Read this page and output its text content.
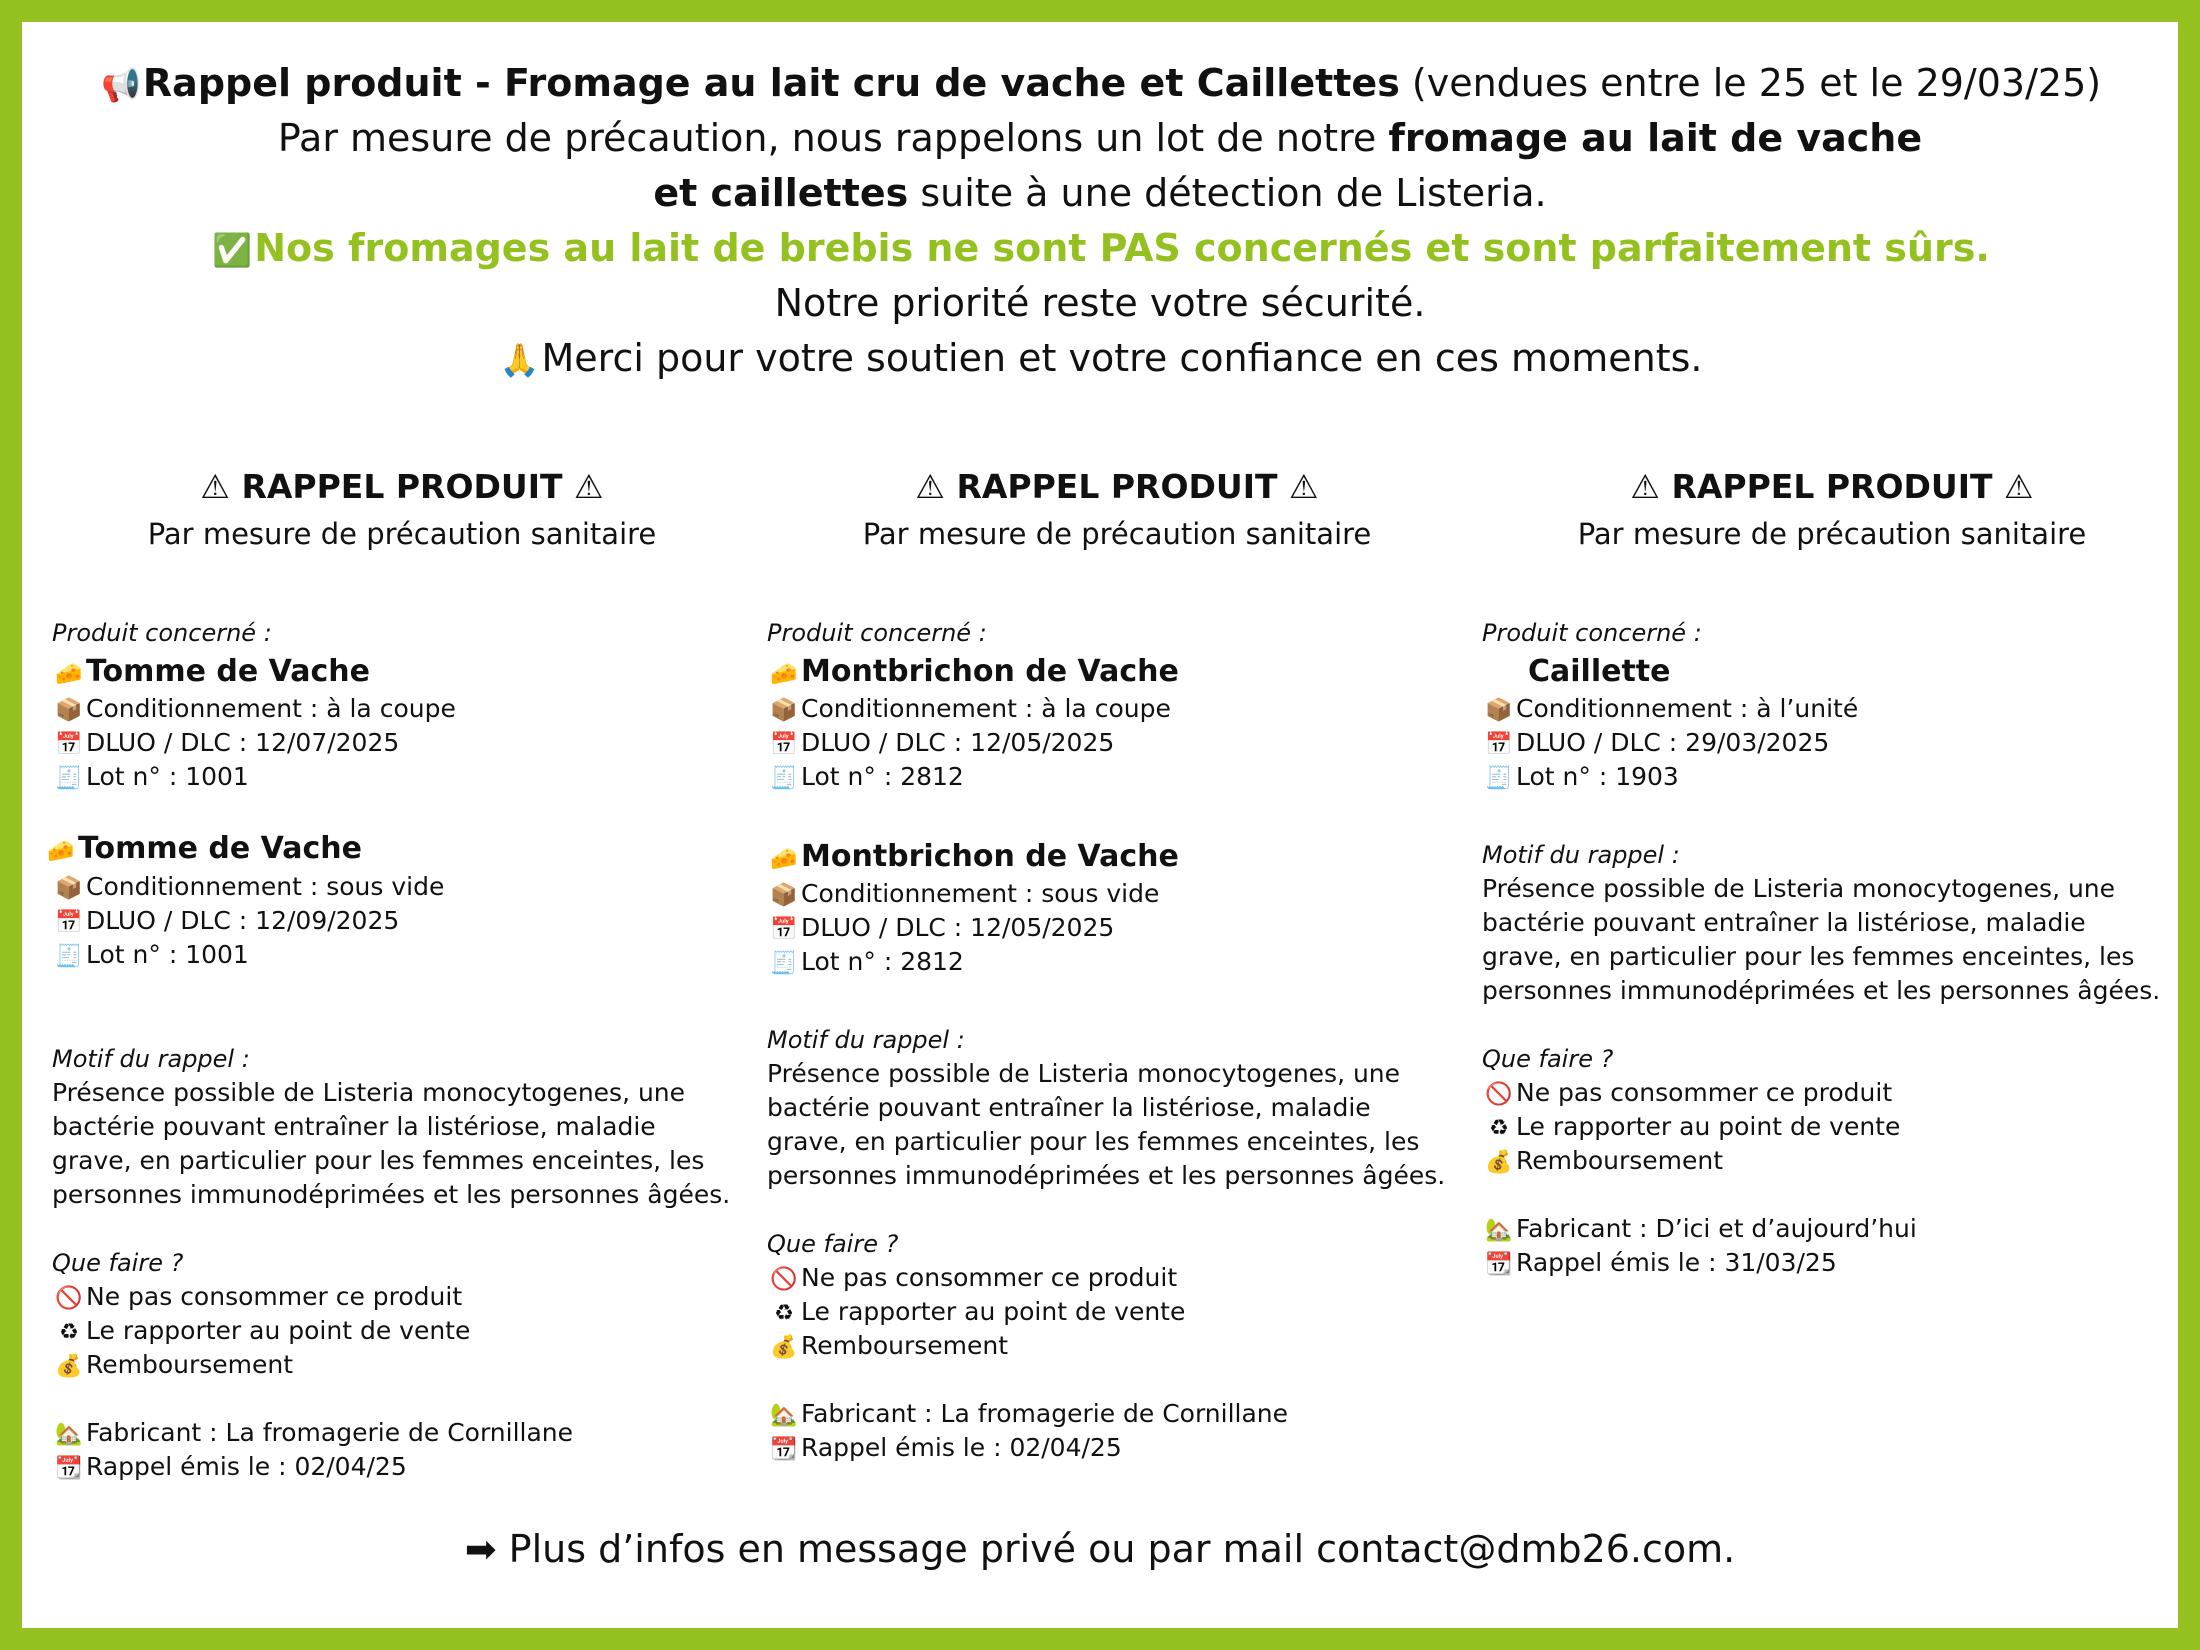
📢Rappel produit - Fromage au lait cru de vache et Caillettes (vendues entre le 25 et le 29/03/25)
Par mesure de précaution, nous rappelons un lot de notre fromage au lait de vache
et caillettes suite à une détection de Listeria.
✅Nos fromages au lait de brebis ne sont PAS concernés et sont parfaitement sûrs.
Notre priorité reste votre sécurité.
🙏Merci pour votre soutien et votre confiance en ces moments.
⚠ RAPPEL PRODUIT ⚠
Par mesure de précaution sanitaire
Produit concerné :
🧀 Tomme de Vache
📦 Conditionnement : à la coupe
📅 DLUO / DLC : 12/07/2025
🧾 Lot n° : 1001
🧀 Tomme de Vache
📦 Conditionnement : sous vide
📅 DLUO / DLC : 12/09/2025
🧾 Lot n° : 1001
Motif du rappel :
Présence possible de Listeria monocytogenes, une bactérie pouvant entraîner la listériose, maladie grave, en particulier pour les femmes enceintes, les personnes immunodéprimées et les personnes âgées.
Que faire ?
🚫 Ne pas consommer ce produit
♻ Le rapporter au point de vente
💰 Remboursement
🏡 Fabricant : La fromagerie de Cornillane
📆 Rappel émis le : 02/04/25
⚠ RAPPEL PRODUIT ⚠
Par mesure de précaution sanitaire
Produit concerné :
🧀 Montbrichon de Vache
📦 Conditionnement : à la coupe
📅 DLUO / DLC : 12/05/2025
🧾 Lot n° : 2812
🧀 Montbrichon de Vache
📦 Conditionnement : sous vide
📅 DLUO / DLC : 12/05/2025
🧾 Lot n° : 2812
Motif du rappel :
Présence possible de Listeria monocytogenes, une bactérie pouvant entraîner la listériose, maladie grave, en particulier pour les femmes enceintes, les personnes immunodéprimées et les personnes âgées.
Que faire ?
🚫 Ne pas consommer ce produit
♻ Le rapporter au point de vente
💰 Remboursement
🏡 Fabricant : La fromagerie de Cornillane
📆 Rappel émis le : 02/04/25
⚠ RAPPEL PRODUIT ⚠
Par mesure de précaution sanitaire
Produit concerné :
Caillette
📦 Conditionnement : à l’unité
📅 DLUO / DLC : 29/03/2025
🧾 Lot n° : 1903
Motif du rappel :
Présence possible de Listeria monocytogenes, une bactérie pouvant entraîner la listériose, maladie grave, en particulier pour les femmes enceintes, les personnes immunodéprimées et les personnes âgées.
Que faire ?
🚫 Ne pas consommer ce produit
♻ Le rapporter au point de vente
💰 Remboursement
🏡 Fabricant : D’ici et d’aujourd’hui
📆 Rappel émis le : 31/03/25
➡ Plus d’infos en message privé ou par mail contact@dmb26.com.
